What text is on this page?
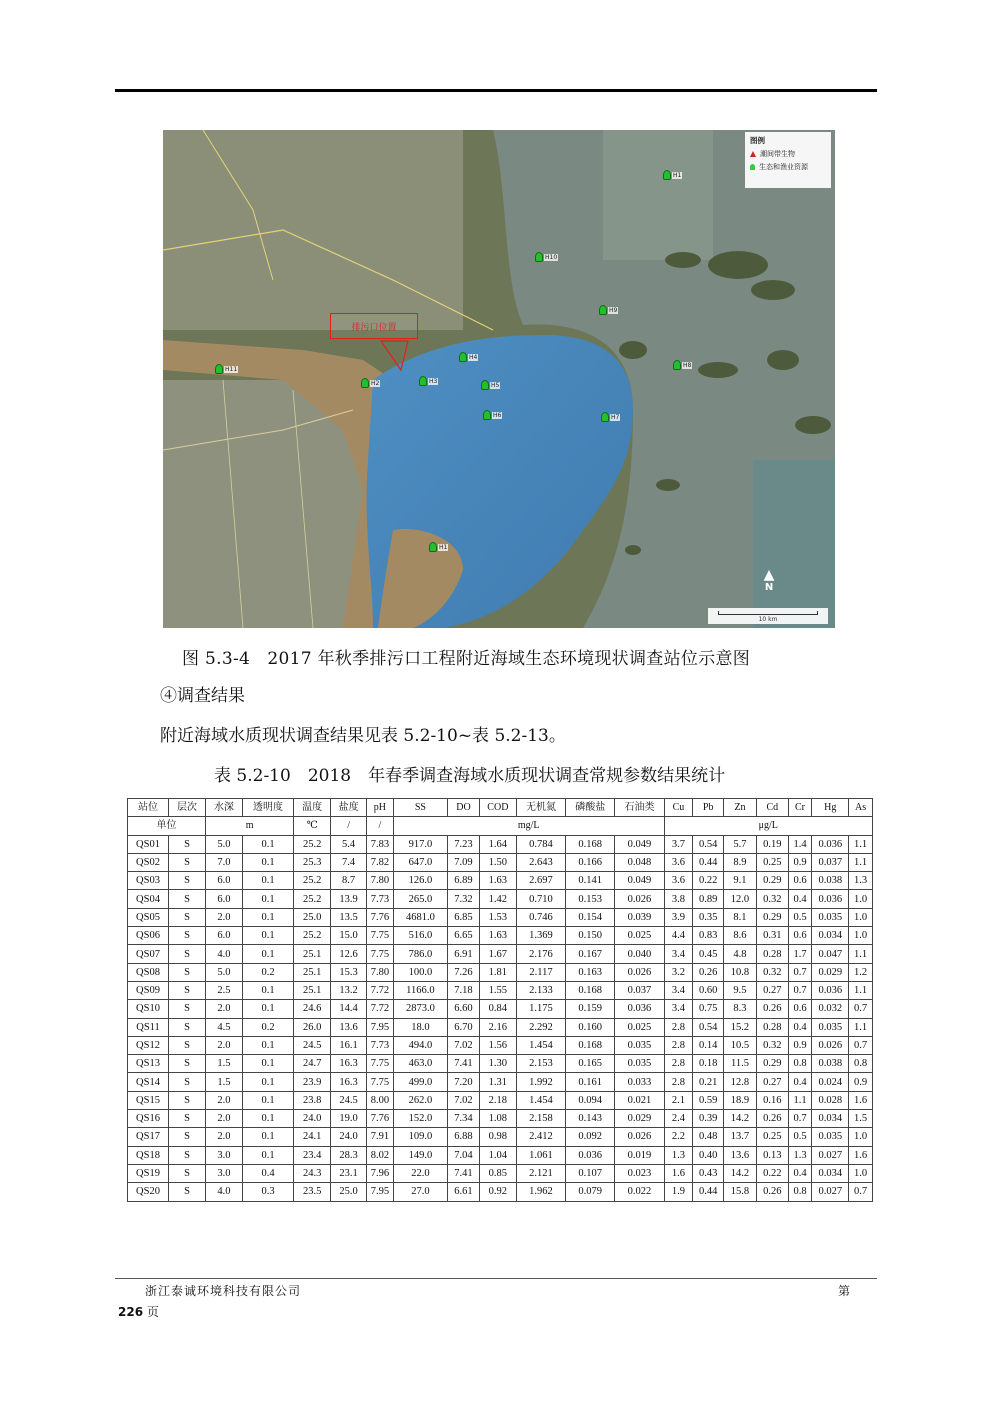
图例
潮间带生物
生态和渔业资源
排污口位置
H11
H1
H10
H9
H8
H2	H3
H4
H5
H6	H7
H1
▲
N
10 km
图 5.3-4　2017 年秋季排污口工程附近海域生态环境现状调查站位示意图
④调查结果
附近海域水质现状调查结果见表 5.2-10~表 5.2-13。
表 5.2-10　2018　年春季调查海域水质现状调查常规参数结果统计
站位	层次	水深	透明度	温度	盐度	pH	SS	DO	COD	无机氮	磷酸盐	石油类	Cu	Pb	Zn	Cd	Cr	Hg	As
单位		m		℃	/	/	mg/L						μg/L						
QS01	S	5.0	0.1	25.2	5.4	7.83	917.0	7.23	1.64	0.784	0.168	0.049	3.7	0.54	5.7	0.19	1.4	0.036	1.1
QS02	S	7.0	0.1	25.3	7.4	7.82	647.0	7.09	1.50	2.643	0.166	0.048	3.6	0.44	8.9	0.25	0.9	0.037	1.1
QS03	S	6.0	0.1	25.2	8.7	7.80	126.0	6.89	1.63	2.697	0.141	0.049	3.6	0.22	9.1	0.29	0.6	0.038	1.3
QS04	S	6.0	0.1	25.2	13.9	7.73	265.0	7.32	1.42	0.710	0.153	0.026	3.8	0.89	12.0	0.32	0.4	0.036	1.0
QS05	S	2.0	0.1	25.0	13.5	7.76	4681.0	6.85	1.53	0.746	0.154	0.039	3.9	0.35	8.1	0.29	0.5	0.035	1.0
QS06	S	6.0	0.1	25.2	15.0	7.75	516.0	6.65	1.63	1.369	0.150	0.025	4.4	0.83	8.6	0.31	0.6	0.034	1.0
QS07	S	4.0	0.1	25.1	12.6	7.75	786.0	6.91	1.67	2.176	0.167	0.040	3.4	0.45	4.8	0.28	1.7	0.047	1.1
QS08	S	5.0	0.2	25.1	15.3	7.80	100.0	7.26	1.81	2.117	0.163	0.026	3.2	0.26	10.8	0.32	0.7	0.029	1.2
QS09	S	2.5	0.1	25.1	13.2	7.72	1166.0	7.18	1.55	2.133	0.168	0.037	3.4	0.60	9.5	0.27	0.7	0.036	1.1
QS10	S	2.0	0.1	24.6	14.4	7.72	2873.0	6.60	0.84	1.175	0.159	0.036	3.4	0.75	8.3	0.26	0.6	0.032	0.7
QS11	S	4.5	0.2	26.0	13.6	7.95	18.0	6.70	2.16	2.292	0.160	0.025	2.8	0.54	15.2	0.28	0.4	0.035	1.1
QS12	S	2.0	0.1	24.5	16.1	7.73	494.0	7.02	1.56	1.454	0.168	0.035	2.8	0.14	10.5	0.32	0.9	0.026	0.7
QS13	S	1.5	0.1	24.7	16.3	7.75	463.0	7.41	1.30	2.153	0.165	0.035	2.8	0.18	11.5	0.29	0.8	0.038	0.8
QS14	S	1.5	0.1	23.9	16.3	7.75	499.0	7.20	1.31	1.992	0.161	0.033	2.8	0.21	12.8	0.27	0.4	0.024	0.9
QS15	S	2.0	0.1	23.8	24.5	8.00	262.0	7.02	2.18	1.454	0.094	0.021	2.1	0.59	18.9	0.16	1.1	0.028	1.6
QS16	S	2.0	0.1	24.0	19.0	7.76	152.0	7.34	1.08	2.158	0.143	0.029	2.4	0.39	14.2	0.26	0.7	0.034	1.5
QS17	S	2.0	0.1	24.1	24.0	7.91	109.0	6.88	0.98	2.412	0.092	0.026	2.2	0.48	13.7	0.25	0.5	0.035	1.0
QS18	S	3.0	0.1	23.4	28.3	8.02	149.0	7.04	1.04	1.061	0.036	0.019	1.3	0.40	13.6	0.13	1.3	0.027	1.6
QS19	S	3.0	0.4	24.3	23.1	7.96	22.0	7.41	0.85	2.121	0.107	0.023	1.6	0.43	14.2	0.22	0.4	0.034	1.0
QS20	S	4.0	0.3	23.5	25.0	7.95	27.0	6.61	0.92	1.962	0.079	0.022	1.9	0.44	15.8	0.26	0.8	0.027	0.7
浙江泰诚环境科技有限公司	第
226 页
